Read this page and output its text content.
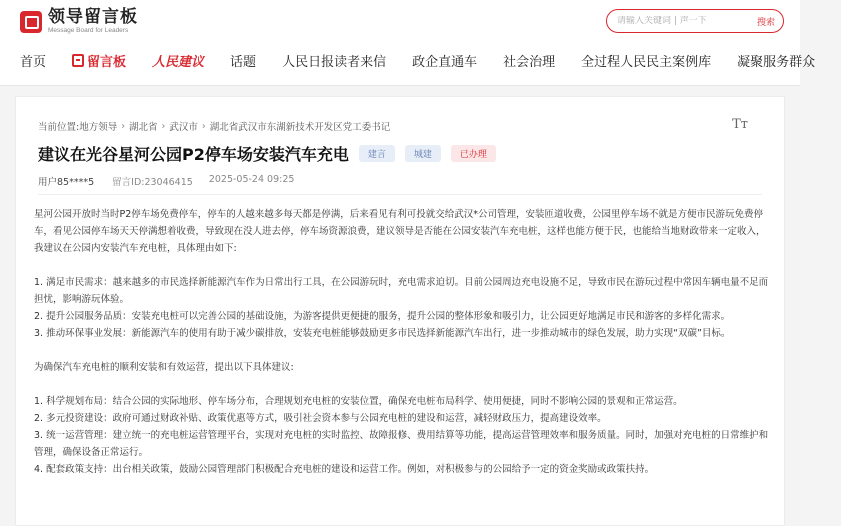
领导留言板
Message Board for Leaders
请输入关键词 | 声一下
搜索
首页	留言板 人民建议 话题 人民日报读者来信 政企直通车 社会治理 全过程人民民主案例库 凝聚服务群众
当前位置: 地方领导 › 湖北省 › 武汉市 › 湖北省武汉市东湖新技术开发区党工委书记	Tт
建议在光谷星河公园P2停车场安装汽车充电	建言	城建	已办理
用户85****5 留言ID:23046415 2025-05-24 09:25

星河公园开放时当时P2停车场免费停车，停车的人越来越多每天都是停满，后来看见有利可投就交给武汉*公司管理，安装匝道收费，公园里停车场不就是方便市民游玩免费停车，看见公园停车场天天停满想着收费，导致现在没人进去停，停车场资源浪费，建议领导是否能在公园安装汽车充电桩，这样也能方便于民，也能给当地财政带来一定收入，我建议在公园内安装汽车充电桩，具体理由如下:

1. 满足市民需求：越来越多的市民选择新能源汽车作为日常出行工具，在公园游玩时，充电需求迫切。目前公园周边充电设施不足，导致市民在游玩过程中常因车辆电量不足而担忧，影响游玩体验。

2. 提升公园服务品质：安装充电桩可以完善公园的基础设施，为游客提供更便捷的服务，提升公园的整体形象和吸引力，让公园更好地满足市民和游客的多样化需求。

3. 推动环保事业发展：新能源汽车的使用有助于减少碳排放，安装充电桩能够鼓励更多市民选择新能源汽车出行，进一步推动城市的绿色发展，助力实现“双碳”目标。

为确保汽车充电桩的顺利安装和有效运营，提出以下具体建议:

1. 科学规划布局：结合公园的实际地形、停车场分布，合理规划充电桩的安装位置，确保充电桩布局科学、使用便捷，同时不影响公园的景观和正常运营。

2. 多元投资建设：政府可通过财政补贴、政策优惠等方式，吸引社会资本参与公园充电桩的建设和运营，减轻财政压力，提高建设效率。

3. 统一运营管理：建立统一的充电桩运营管理平台，实现对充电桩的实时监控、故障报修、费用结算等功能，提高运营管理效率和服务质量。同时，加强对充电桩的日常维护和管理，确保设备正常运行。

4. 配套政策支持：出台相关政策，鼓励公园管理部门积极配合充电桩的建设和运营工作。例如，对积极参与的公园给予一定的资金奖励或政策扶持。
